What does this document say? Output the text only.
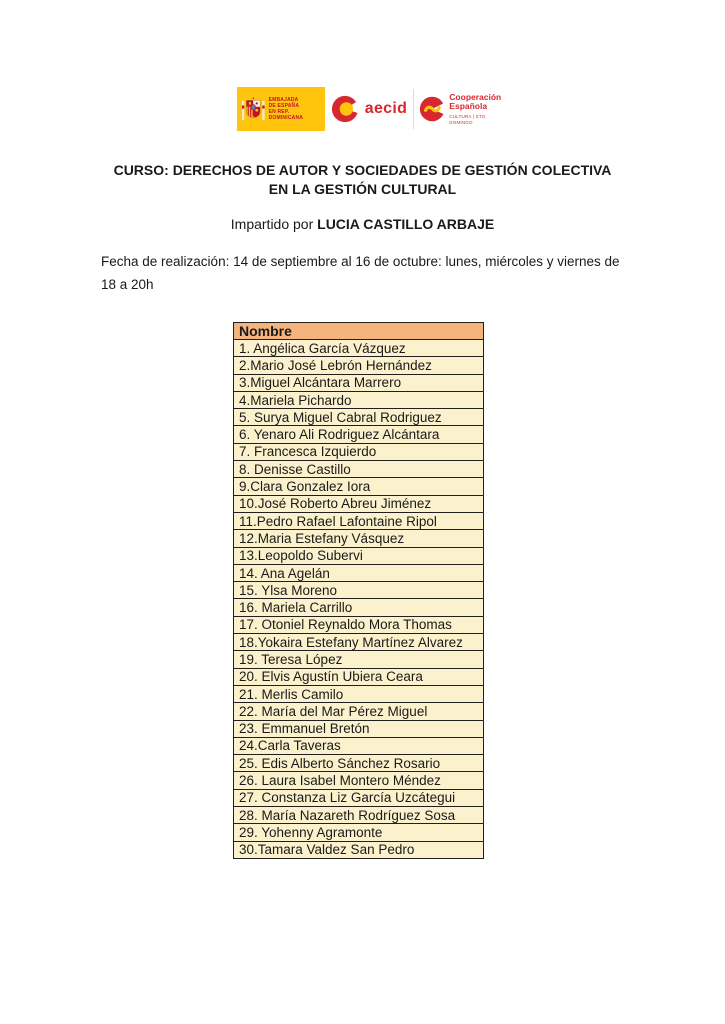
EMBAJADA
DE ESPAÑA
EN REP. DOMINICANA
aecid
Cooperación
Española
CULTURA | STO. DOMINGO
CURSO: DERECHOS DE AUTOR Y SOCIEDADES DE GESTIÓN COLECTIVA
EN LA GESTIÓN CULTURAL
Impartido por LUCIA CASTILLO ARBAJE
Fecha de realización: 14 de septiembre al 16 de octubre: lunes, miércoles y viernes de
18 a 20h
Nombre
1. Angélica García Vázquez
2.Mario José Lebrón Hernández
3.Miguel Alcántara Marrero
4.Mariela Pichardo
5. Surya Miguel Cabral Rodriguez
6. Yenaro Ali Rodriguez Alcántara
7. Francesca Izquierdo
8. Denisse Castillo
9.Clara Gonzalez Iora
10.José Roberto Abreu Jiménez
11.Pedro Rafael Lafontaine Ripol
12.Maria Estefany Vásquez
13.Leopoldo Subervi
14. Ana Agelán
15. Ylsa Moreno
16. Mariela Carrillo
17. Otoniel Reynaldo Mora Thomas
18.Yokaira Estefany Martínez Alvarez
19. Teresa López
20. Elvis Agustín Ubiera Ceara
21. Merlis Camilo
22. María del Mar Pérez Miguel
23. Emmanuel Bretón
24.Carla Taveras
25. Edis Alberto Sánchez Rosario
26. Laura Isabel Montero Méndez
27. Constanza Liz García Uzcátegui
28. María Nazareth Rodríguez Sosa
29. Yohenny Agramonte
30.Tamara Valdez San Pedro
